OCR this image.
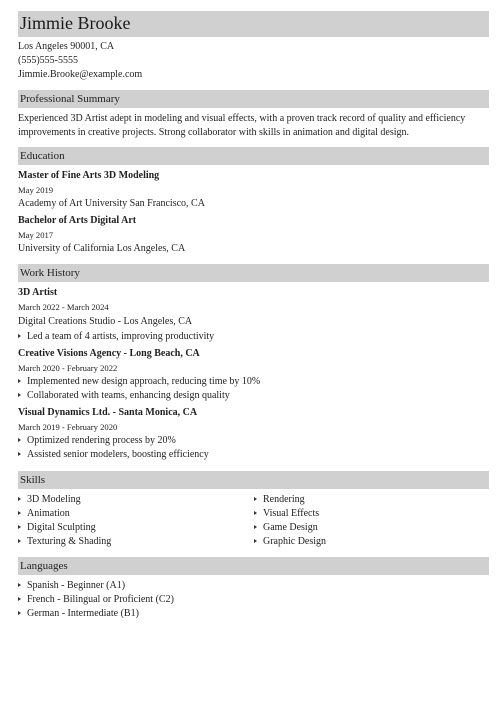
Jimmie Brooke
Los Angeles 90001, CA
(555)555-5555
Jimmie.Brooke@example.com
Professional Summary
Experienced 3D Artist adept in modeling and visual effects, with a proven track record of quality and efficiency
improvements in creative projects. Strong collaborator with skills in animation and digital design.
Education
Master of Fine Arts 3D Modeling
May 2019
Academy of Art University San Francisco, CA
Bachelor of Arts Digital Art
May 2017
University of California Los Angeles, CA
Work History
3D Artist
March 2022 - March 2024
Digital Creations Studio - Los Angeles, CA
Led a team of 4 artists, improving productivity
Creative Visions Agency - Long Beach, CA
March 2020 - February 2022
Implemented new design approach, reducing time by 10%
Collaborated with teams, enhancing design quality
Visual Dynamics Ltd. - Santa Monica, CA
March 2019 - February 2020
Optimized rendering process by 20%
Assisted senior modelers, boosting efficiency
Skills
3D Modeling
Animation
Digital Sculpting
Texturing & Shading
Rendering
Visual Effects
Game Design
Graphic Design
Languages
Spanish - Beginner (A1)
French - Bilingual or Proficient (C2)
German - Intermediate (B1)
